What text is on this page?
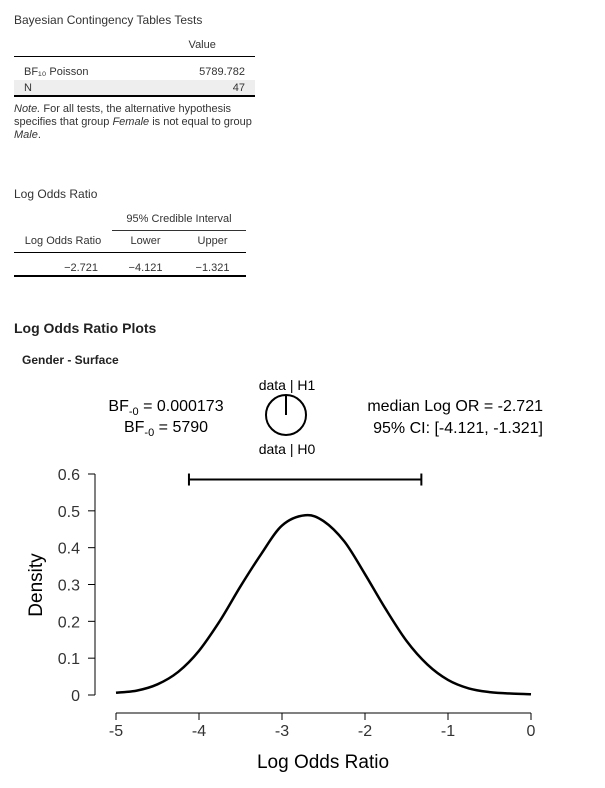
Bayesian Contingency Tables Tests
	Value

BF₁₀ Poisson	5789.782
N	47
Note. For all tests, the alternative hypothesis specifies that group Female is not equal to group Male.
Log Odds Ratio
	95% Credible Interval	
Log Odds Ratio	Lower	Upper

−2.721	−4.121	−1.321
Log Odds Ratio Plots
Gender - Surface
$BF_{-0} = 0.000173$
$BF_{-0} = 5790$
data | H1
data | H0
median Log OR = -2.721
95% CI: [-4.121, -1.321]
0
0.1
0.2
0.3
0.4
0.5
0.6
-5	-4	-3	-2	-1	0
Log Odds Ratio
Density
